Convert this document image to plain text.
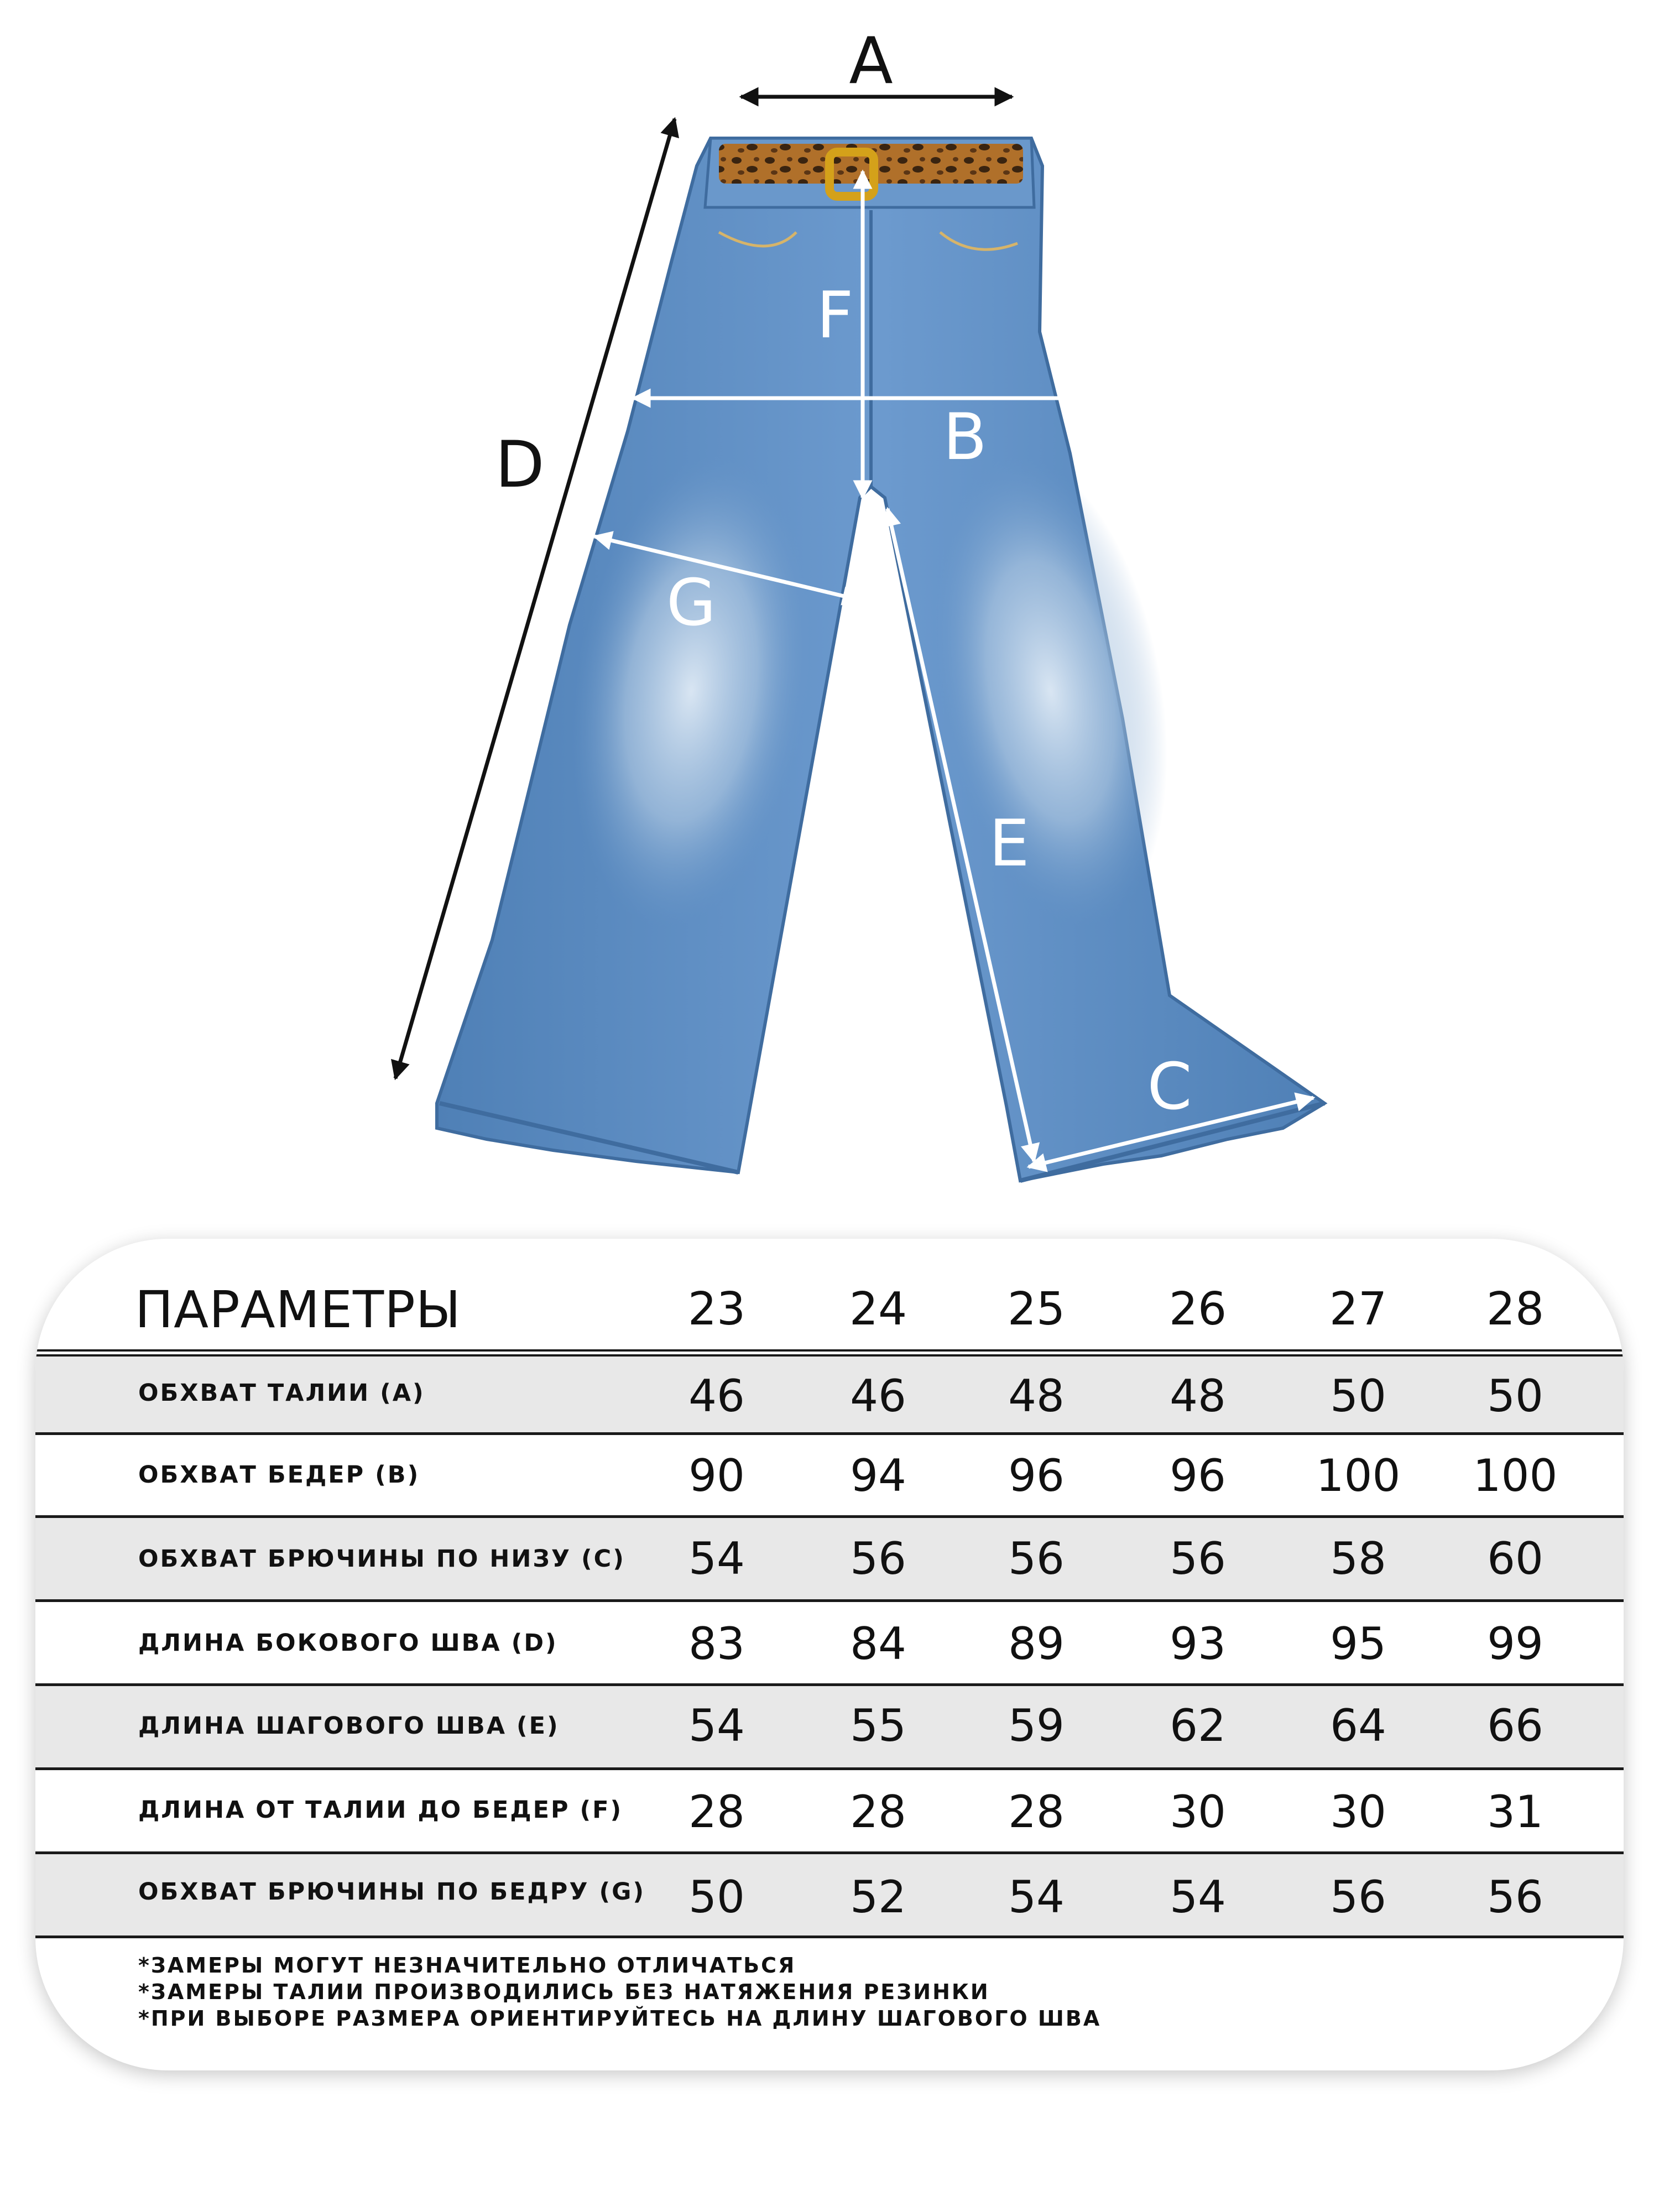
A
D
F
B
G
E
C
ПАРАМЕТРЫ	23	24	25	26	27	28
ОБХВАТ ТАЛИИ (A)	46	46	48	48	50	50
ОБХВАТ БЕДЕР (B)	90	94	96	96	100	100
ОБХВАТ БРЮЧИНЫ ПО НИЗУ (C)	54	56	56	56	58	60
ДЛИНА БОКОВОГО ШВА (D)	83	84	89	93	95	99
ДЛИНА ШАГОВОГО ШВА (E)	54	55	59	62	64	66
ДЛИНА ОТ ТАЛИИ ДО БЕДЕР (F)	28	28	28	30	30	31
ОБХВАТ БРЮЧИНЫ ПО БЕДРУ (G) 50	52	54	54	56	56
*ЗАМЕРЫ МОГУТ НЕЗНАЧИТЕЛЬНО ОТЛИЧАТЬСЯ
*ЗАМЕРЫ ТАЛИИ ПРОИЗВОДИЛИСЬ БЕЗ НАТЯЖЕНИЯ РЕЗИНКИ
*ПРИ ВЫБОРЕ РАЗМЕРА ОРИЕНТИРУЙТЕСЬ НА ДЛИНУ ШАГОВОГО ШВА
